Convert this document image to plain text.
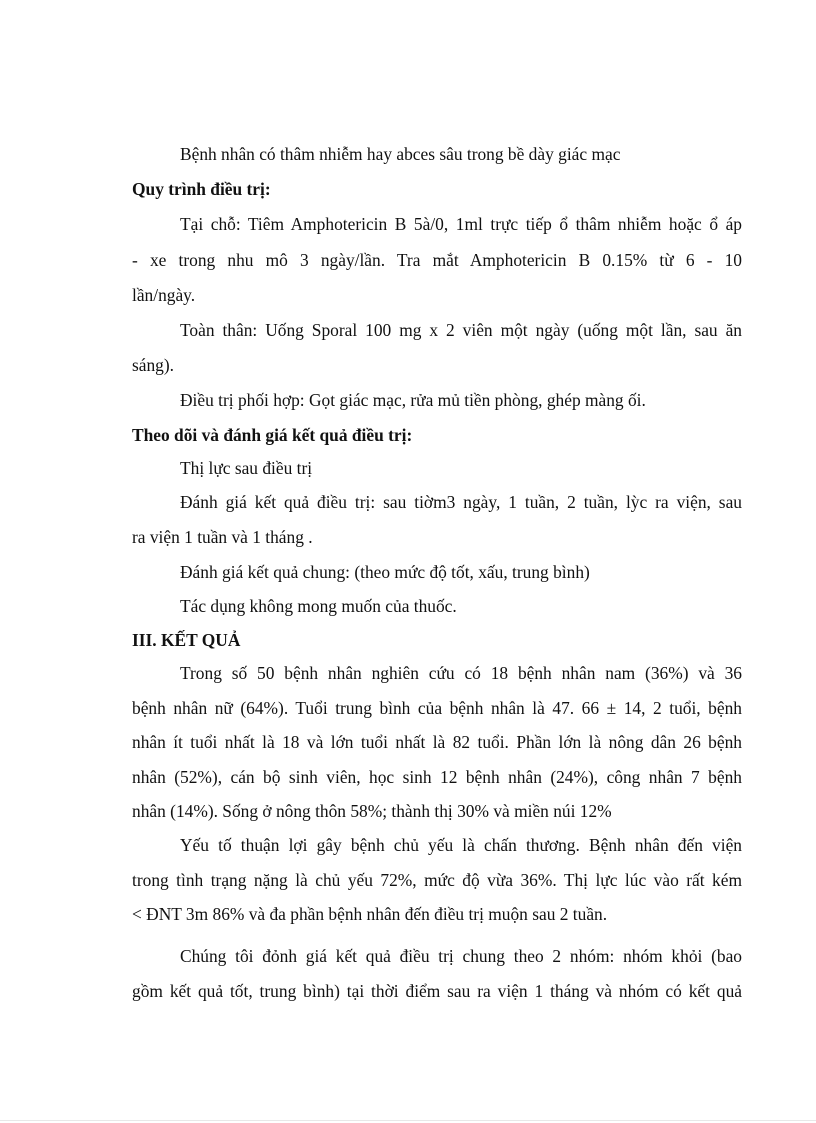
Bệnh nhân có thâm nhiễm hay abces sâu trong bề dày giác mạc

Quy trình điều trị:

Tại chỗ: Tiêm Amphotericin B 5à/0, 1ml trực tiếp ổ thâm nhiễm hoặc ổ áp

- xe trong nhu mô 3 ngày/lần. Tra mắt Amphotericin B 0.15% từ 6 - 10

lần/ngày.

Toàn thân: Uống Sporal 100 mg x 2 viên một ngày (uống một lần, sau ăn

sáng).

Điều trị phối hợp: Gọt giác mạc, rửa mủ tiền phòng, ghép màng ối.

Theo dõi và đánh giá kết quả điều trị:

Thị lực sau điều trị

Đánh giá kết quả điều trị: sau tiờm3 ngày, 1 tuần, 2 tuần, lỳc ra viện, sau

ra viện 1 tuần và 1 tháng .

Đánh giá kết quả chung: (theo mức độ tốt, xấu, trung bình)

Tác dụng không mong muốn của thuốc.

III. KẾT QUẢ

Trong số 50 bệnh nhân nghiên cứu có 18 bệnh nhân nam (36%) và 36

bệnh nhân nữ (64%). Tuổi trung bình của bệnh nhân là 47. 66 ± 14, 2 tuổi, bệnh

nhân ít tuổi nhất là 18 và lớn tuổi nhất là 82 tuổi. Phần lớn là nông dân 26 bệnh

nhân (52%), cán bộ sinh viên, học sinh 12 bệnh nhân (24%), công nhân 7 bệnh

nhân (14%). Sống ở nông thôn 58%; thành thị 30% và miền núi 12%

Yếu tố thuận lợi gây bệnh chủ yếu là chấn thương. Bệnh nhân đến viện

trong tình trạng nặng là chủ yếu 72%, mức độ vừa 36%. Thị lực lúc vào rất kém

< ĐNT 3m 86% và đa phần bệnh nhân đến điều trị muộn sau 2 tuần.

Chúng tôi đỏnh giá kết quả điều trị chung theo 2 nhóm: nhóm khỏi (bao

gồm kết quả tốt, trung bình) tại thời điểm sau ra viện 1 tháng và nhóm có kết quả
